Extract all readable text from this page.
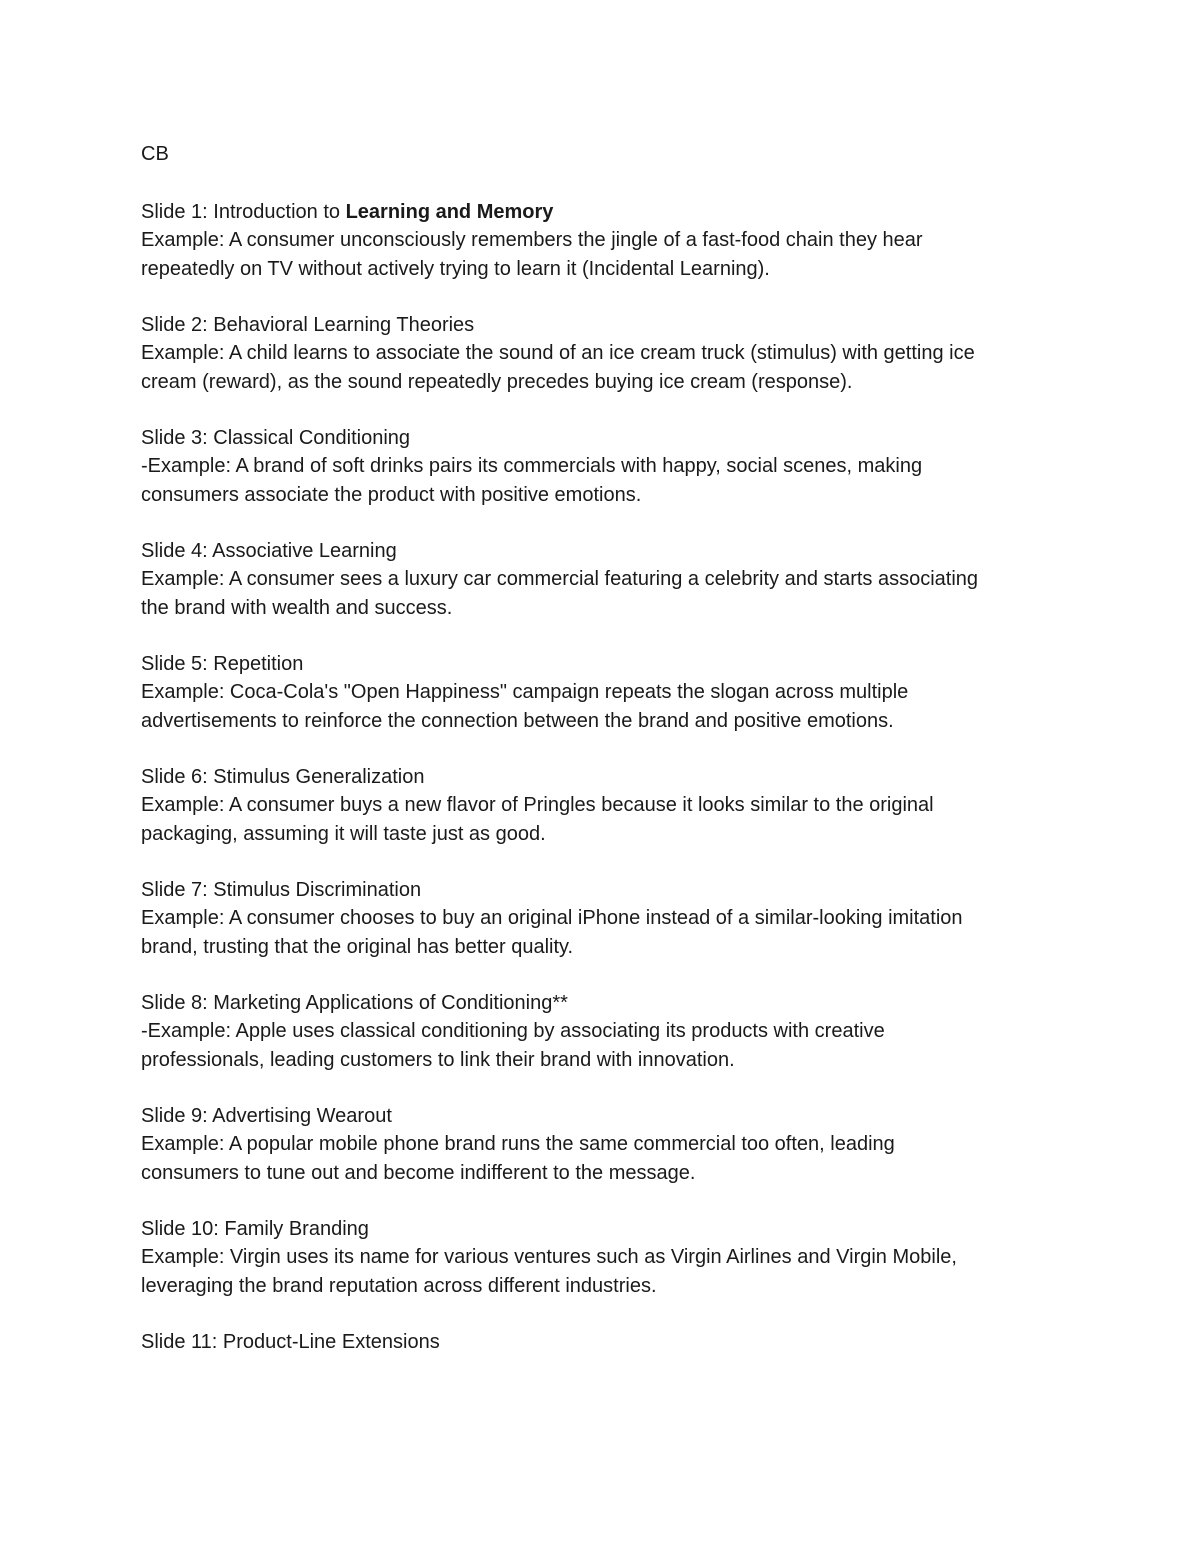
CB
Slide 1: Introduction to Learning and Memory
Example: A consumer unconsciously remembers the jingle of a fast-food chain they hear
repeatedly on TV without actively trying to learn it (Incidental Learning).
Slide 2: Behavioral Learning Theories
Example: A child learns to associate the sound of an ice cream truck (stimulus) with getting ice
cream (reward), as the sound repeatedly precedes buying ice cream (response).
Slide 3: Classical Conditioning
-Example: A brand of soft drinks pairs its commercials with happy, social scenes, making
consumers associate the product with positive emotions.
Slide 4: Associative Learning
Example: A consumer sees a luxury car commercial featuring a celebrity and starts associating
the brand with wealth and success.
Slide 5: Repetition
Example: Coca-Cola's "Open Happiness" campaign repeats the slogan across multiple
advertisements to reinforce the connection between the brand and positive emotions.
Slide 6: Stimulus Generalization
Example: A consumer buys a new flavor of Pringles because it looks similar to the original
packaging, assuming it will taste just as good.
Slide 7: Stimulus Discrimination
Example: A consumer chooses to buy an original iPhone instead of a similar-looking imitation
brand, trusting that the original has better quality.
Slide 8: Marketing Applications of Conditioning**
-Example: Apple uses classical conditioning by associating its products with creative
professionals, leading customers to link their brand with innovation.
Slide 9: Advertising Wearout
Example: A popular mobile phone brand runs the same commercial too often, leading
consumers to tune out and become indifferent to the message.
Slide 10: Family Branding
Example: Virgin uses its name for various ventures such as Virgin Airlines and Virgin Mobile,
leveraging the brand reputation across different industries.
Slide 11: Product-Line Extensions
